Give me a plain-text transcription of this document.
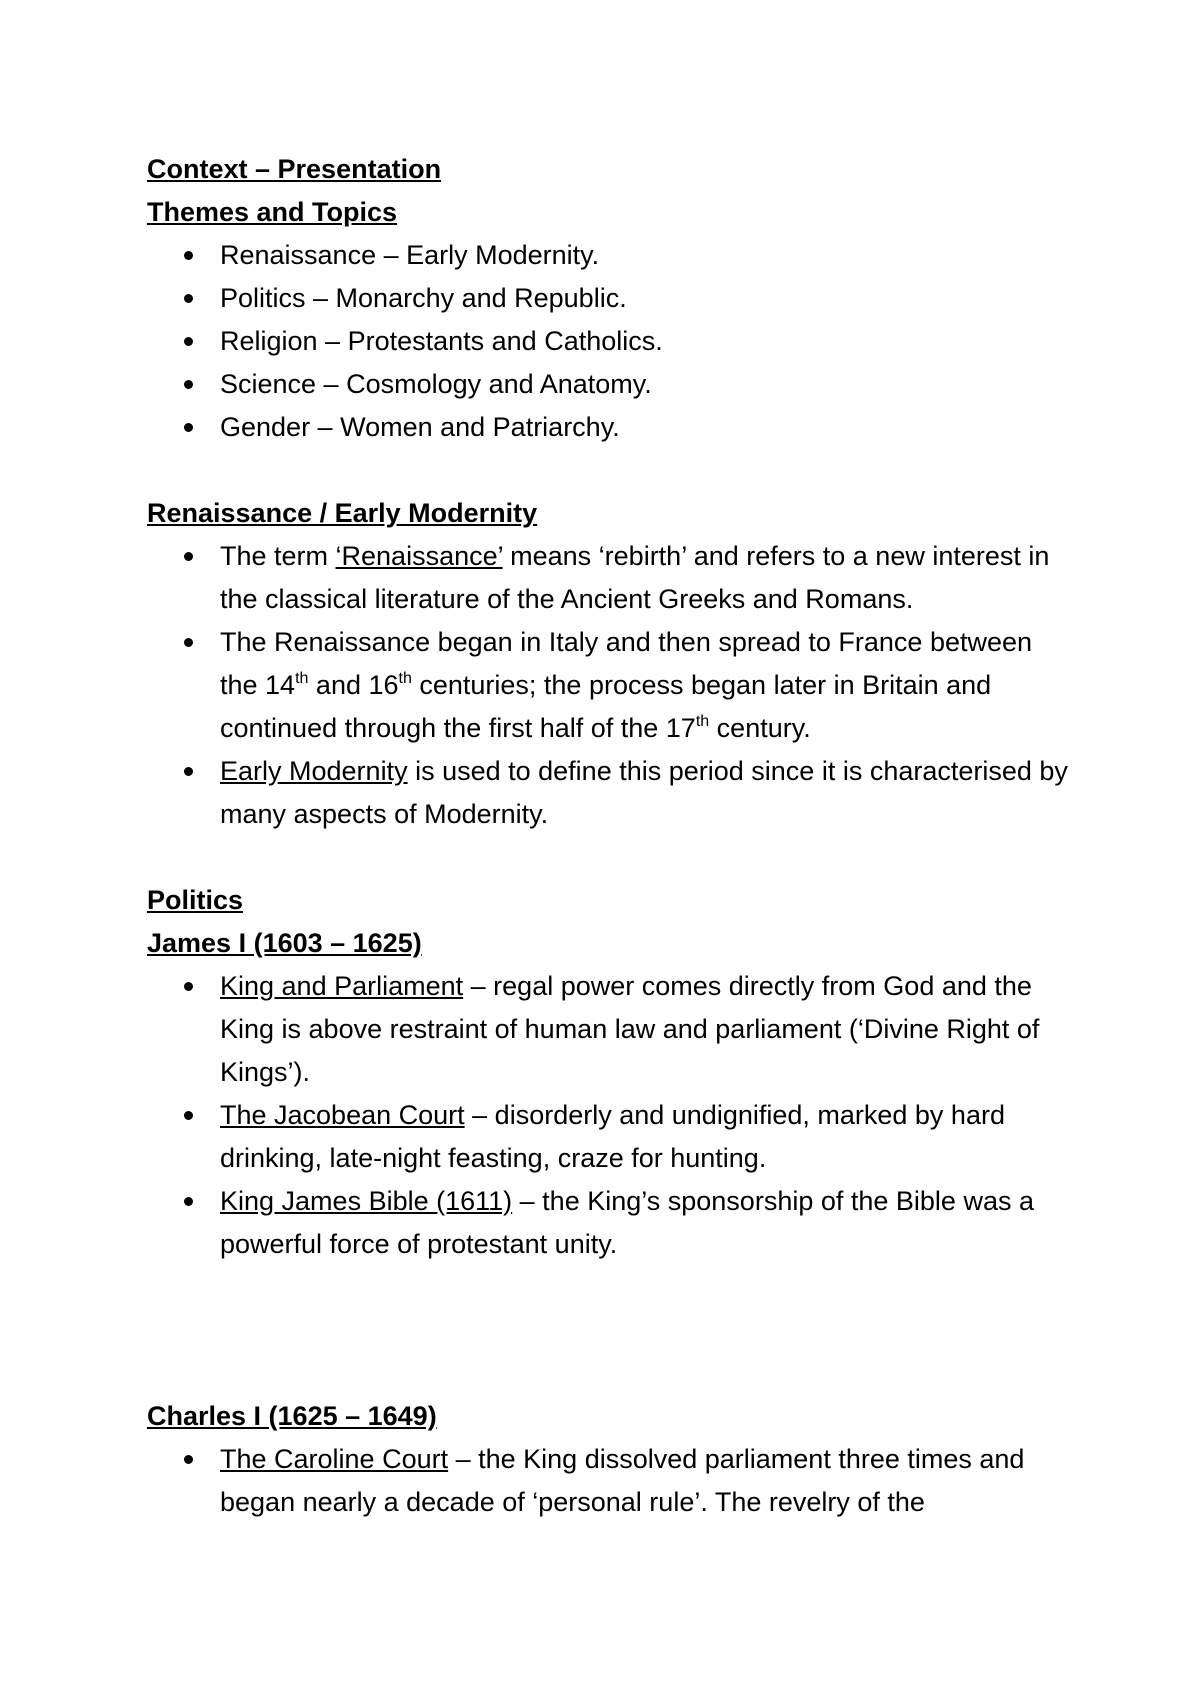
Context – Presentation

Themes and Topics

Renaissance – Early Modernity.
Politics – Monarchy and Republic.
Religion – Protestants and Catholics.
Science – Cosmology and Anatomy.
Gender – Women and Patriarchy.

Renaissance / Early Modernity

The term ‘Renaissance’ means ‘rebirth’ and refers to a new interest in the classical literature of the Ancient Greeks and Romans.
The Renaissance began in Italy and then spread to France between the 14th and 16th centuries; the process began later in Britain and continued through the first half of the 17th century.
Early Modernity is used to define this period since it is characterised by many aspects of Modernity.

Politics

James I (1603 – 1625)

King and Parliament – regal power comes directly from God and the King is above restraint of human law and parliament (‘Divine Right of Kings’).
The Jacobean Court – disorderly and undignified, marked by hard drinking, late-night feasting, craze for hunting.
King James Bible (1611) – the King’s sponsorship of the Bible was a powerful force of protestant unity.

Charles I (1625 – 1649)

The Caroline Court – the King dissolved parliament three times and began nearly a decade of ‘personal rule’. The revelry of the
